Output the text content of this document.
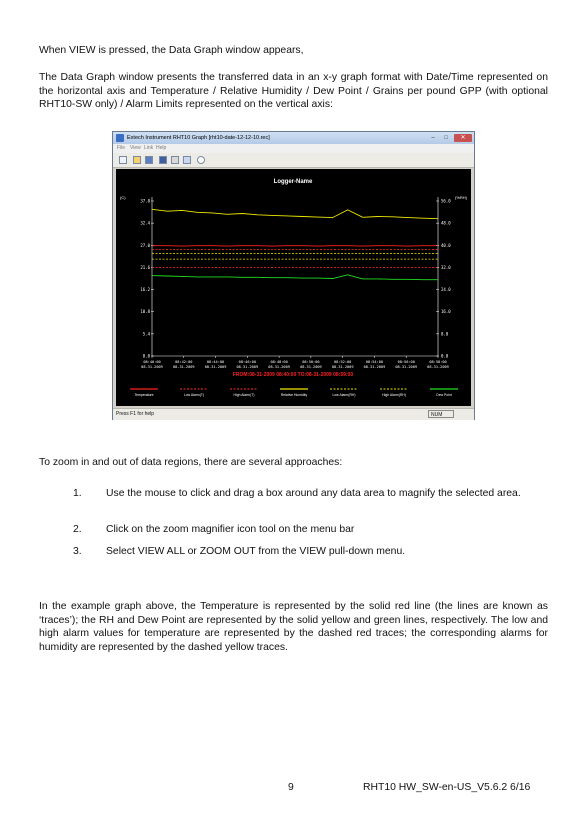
When VIEW is pressed, the Data Graph window appears,
The Data Graph window presents the transferred data in an x-y graph format with Date/Time represented on the horizontal axis and Temperature / Relative Humidity / Dew Point / Grains per pound GPP (with optional RHT10-SW only) / Alarm Limits represented on the vertical axis:
Extech Instrument RHT10 Graph [rht10-date-12-12-10.rec]	–	□	✕
File View Link Help
Logger-Name
(C)	(%RH)
37.8
32.4
27.0
21.6
16.2
10.8
5.4
0.0
56.0
48.0
40.0
32.0
24.0
16.0
8.0
0.0
08:40:00
08-31-2009
08:42:00
08-31-2009
08:44:00
08-31-2009
08:46:00
08-31-2009
08:48:00
08-31-2009
08:50:00
08-31-2009
08:52:00
08-31-2009
08:54:00
08-31-2009
08:56:00
08-31-2009
08:58:00
08-31-2009
FROM:08-31-2009 08:40:00 TO:08-31-2009 08:59:00
Temperature	Low Alarm(T)	High Alarm(T)	Relative Humidity	Low Alarm(RH)	High Alarm(RH)	Dew Point
Press F1 for help	NUM
To zoom in and out of data regions, there are several approaches:
1. Use the mouse to click and drag a box around any data area to magnify the selected area.
2. Click on the zoom magnifier icon tool on the menu bar
3. Select VIEW ALL or ZOOM OUT from the VIEW pull-down menu.
In the example graph above, the Temperature is represented by the solid red line (the lines are known as ‘traces’); the RH and Dew Point are represented by the solid yellow and green lines, respectively. The low and high alarm values for temperature are represented by the dashed red traces; the corresponding alarms for humidity are represented by the dashed yellow traces.
9	RHT10 HW_SW-en-US_V5.6.2 6/16
